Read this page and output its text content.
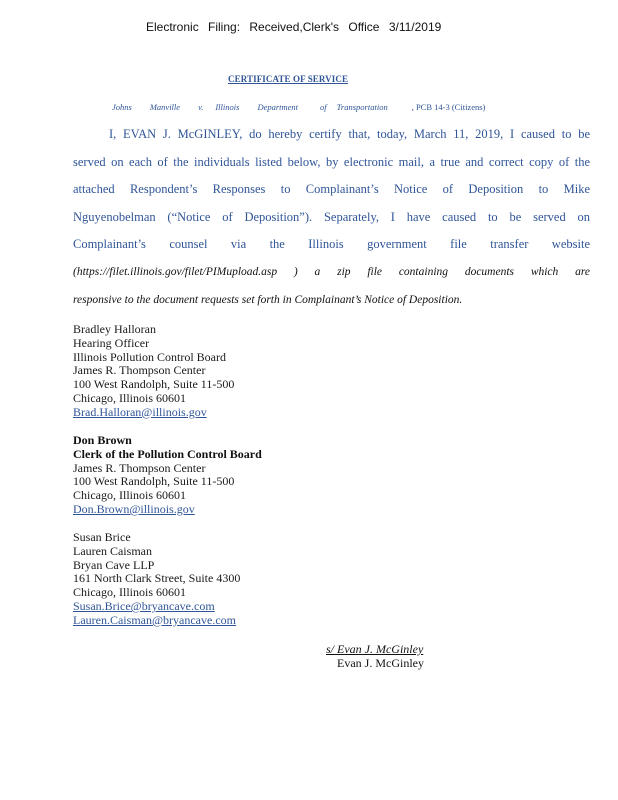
Electronic Filing: Received,Clerk's Office 3/11/2019
CERTIFICATE OF SERVICE
Johns Manville v. Illinois Department	of Transportation	, PCB 14-3 (Citizens)
I, EVAN J. McGINLEY, do hereby certify that, today, March 11, 2019, I caused to be
served on each of the individuals listed below, by electronic mail, a true and correct copy of the
attached Respondent’s Responses to Complainant’s Notice of Deposition to Mike
Nguyenobelman (“Notice of Deposition”). Separately, I have caused to be served on
Complainant’s counsel via the Illinois government file transfer website
(https://filet.illinois.gov/filet/PIMupload.asp ) a zip file containing documents which are
responsive to the document requests set forth in Complainant’s Notice of Deposition.
Bradley Halloran
Hearing Officer
Illinois Pollution Control Board
James R. Thompson Center
100 West Randolph, Suite 11-500
Chicago, Illinois 60601
Brad.Halloran@illinois.gov
Don Brown
Clerk of the Pollution Control Board
James R. Thompson Center
100 West Randolph, Suite 11-500
Chicago, Illinois 60601
Don.Brown@illinois.gov
Susan Brice
Lauren Caisman
Bryan Cave LLP
161 North Clark Street, Suite 4300
Chicago, Illinois 60601
Susan.Brice@bryancave.com
Lauren.Caisman@bryancave.com
s/ Evan J. McGinley
Evan J. McGinley
